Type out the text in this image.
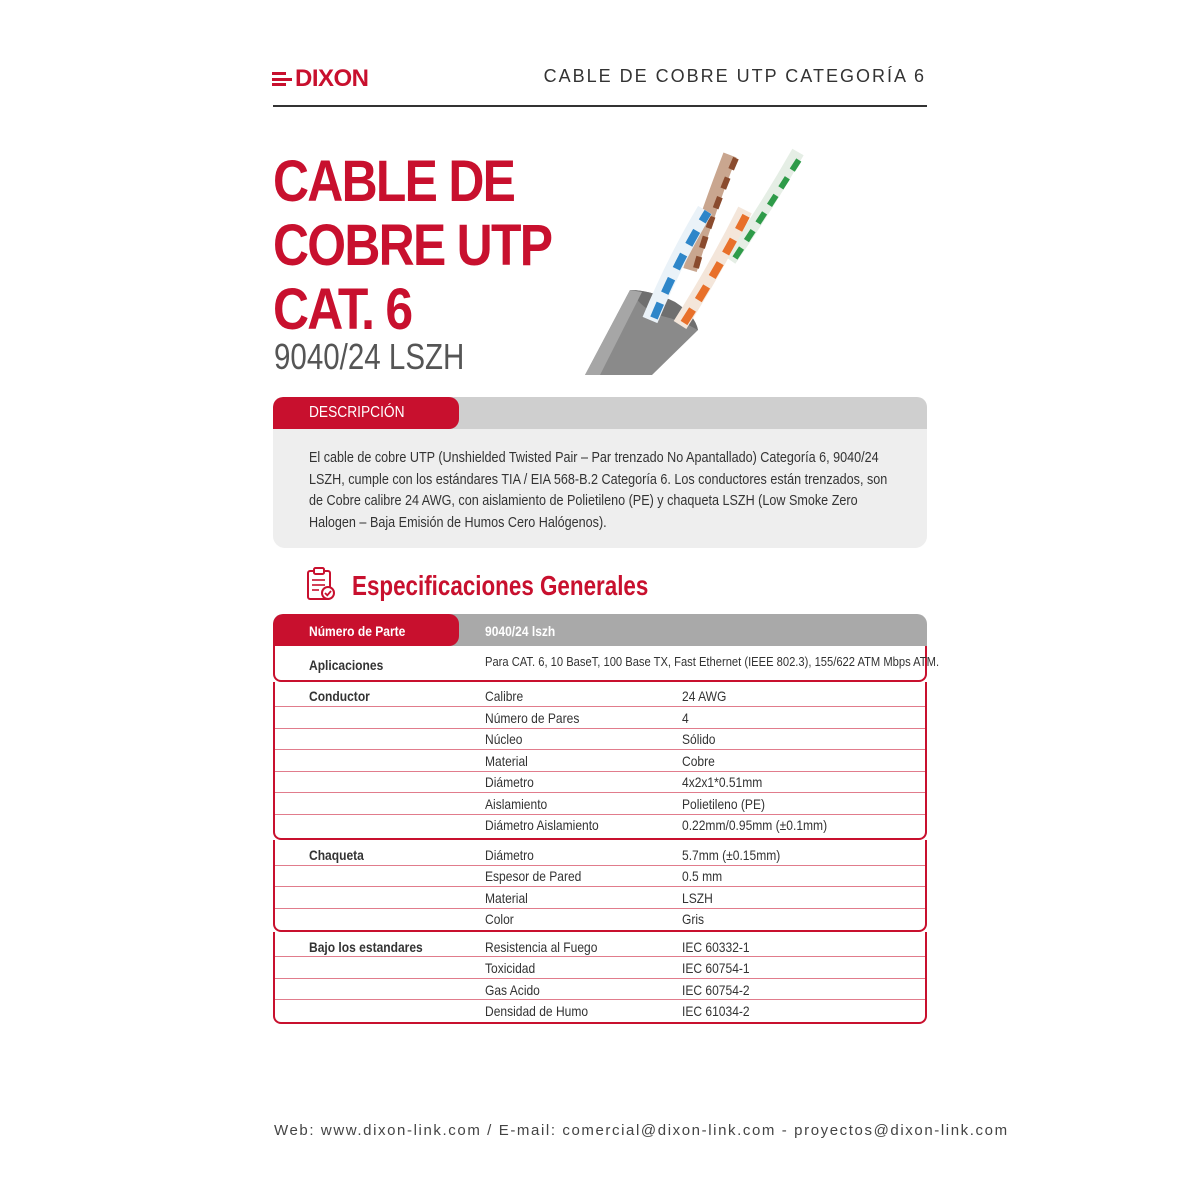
DIXON	CABLE DE COBRE UTP CATEGORÍA 6
CABLE DE
COBRE UTP
CAT. 6
9040/24 LSZH
DESCRIPCIÓN
El cable de cobre UTP (Unshielded Twisted Pair – Par trenzado No Apantallado) Categoría 6, 9040/24 LSZH, cumple con los estándares TIA / EIA 568-B.2 Categoría 6. Los conductores están trenzados, son de Cobre calibre 24 AWG, con aislamiento de Polietileno (PE) y chaqueta LSZH (Low Smoke Zero Halogen – Baja Emisión de Humos Cero Halógenos).
Especificaciones Generales
Número de Parte	9040/24 lszh
Aplicaciones	Para CAT. 6, 10 BaseT, 100 Base TX, Fast Ethernet (IEEE 802.3), 155/622 ATM Mbps ATM.
Conductor	Calibre	24 AWG
Número de Pares	4
Núcleo	Sólido
Material	Cobre
Diámetro	4x2x1*0.51mm
Aislamiento	Polietileno (PE)
Diámetro Aislamiento	0.22mm/0.95mm (±0.1mm)
Chaqueta	Diámetro	5.7mm (±0.15mm)
Espesor de Pared	0.5 mm
Material	LSZH
Color	Gris
Bajo los estandares	Resistencia al Fuego	IEC 60332-1
Toxicidad	IEC 60754-1
Gas Acido	IEC 60754-2
Densidad de Humo	IEC 61034-2
Web: www.dixon-link.com / E-mail: comercial@dixon-link.com - proyectos@dixon-link.com
